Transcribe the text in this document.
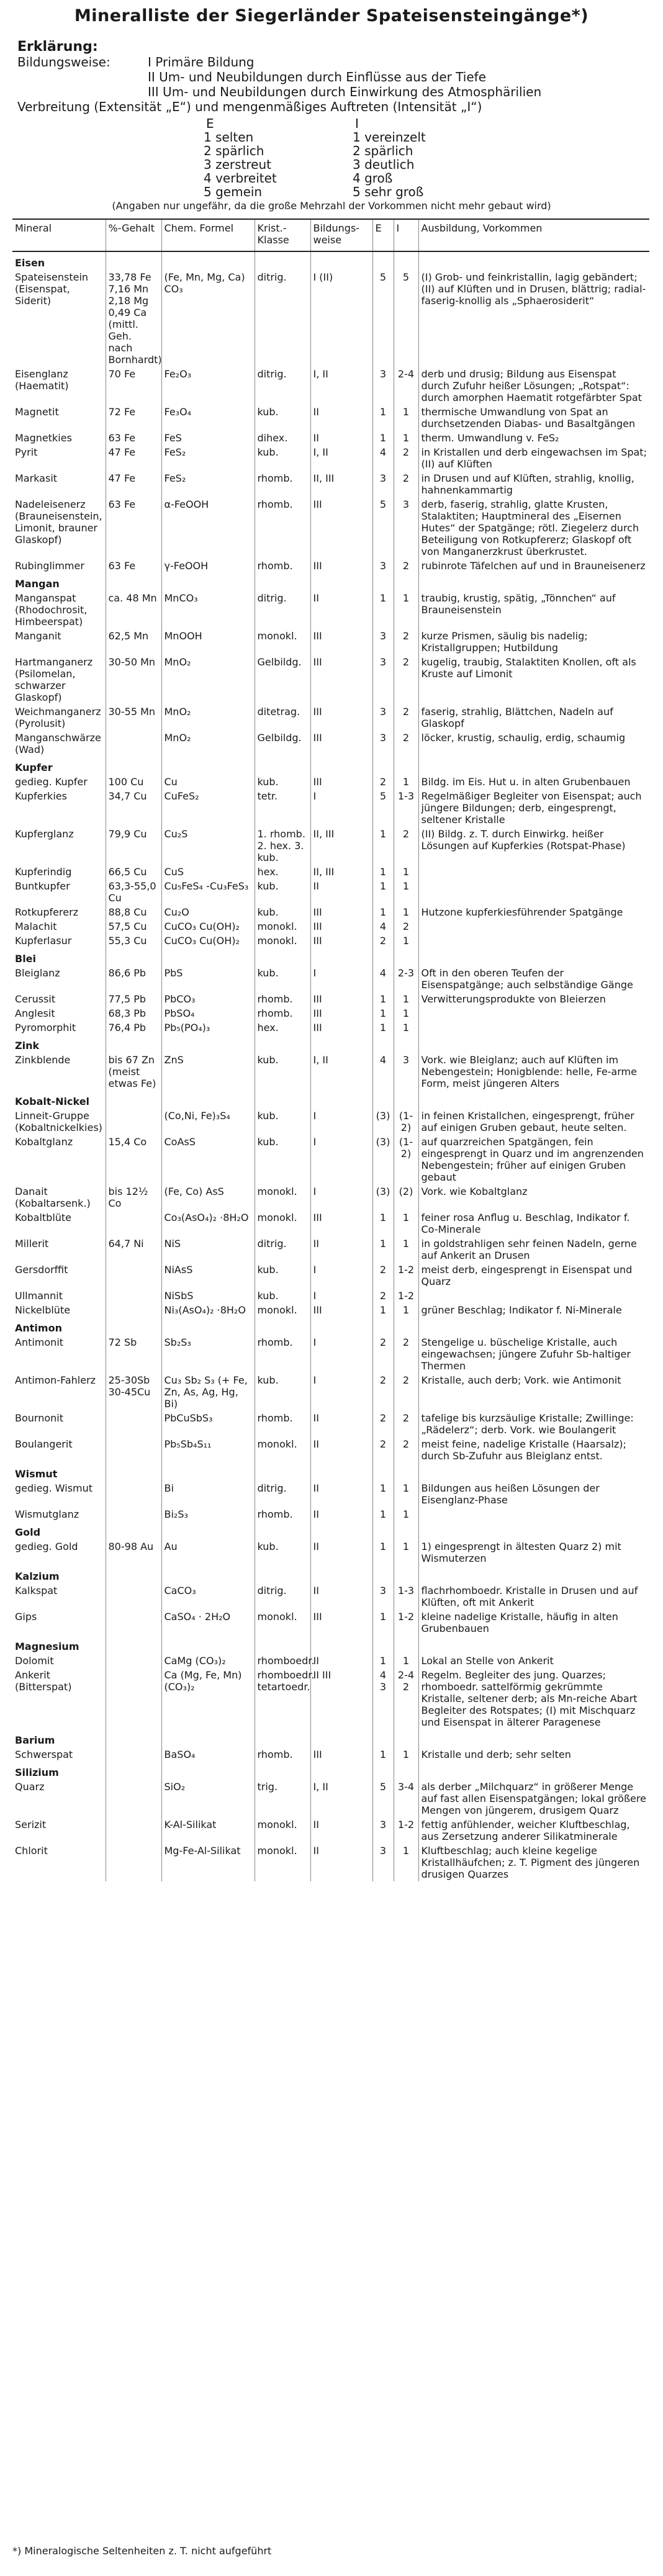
Mineralliste der Siegerländer Spateisensteingänge*)
Erklärung:
Bildungsweise:	I Primäre Bildung
II Um- und Neubildungen durch Einflüsse aus der Tiefe
III Um- und Neubildungen durch Einwirkung des Atmosphärilien
Verbreitung (Extensität „E“) und mengenmäßiges Auftreten (Intensität „I“)
E
1 selten
2 spärlich
3 zerstreut
4 verbreitet
5 gemein
I
1 vereinzelt
2 spärlich
3 deutlich
4 groß
5 sehr groß
(Angaben nur ungefähr, da die große Mehrzahl der Vorkommen nicht mehr gebaut wird)
Mineral	%-Gehalt	Chem. Formel	Krist.-Klasse	Bildungs-weise	E	I	Ausbildung, Vorkommen
Eisen							
Spateisenstein (Eisenspat, Siderit)	33,78 Fe 7,16 Mn 2,18 Mg 0,49 Ca (mittl. Geh. nach Bornhardt)	(Fe, Mn, Mg, Ca) CO₃	ditrig.	I (II)	5	5	(I) Grob- und feinkristallin, lagig gebändert; (II) auf Klüften und in Drusen, blättrig; radial-faserig-knollig als „Sphaerosiderit“
Eisenglanz (Haematit)	70 Fe	Fe₂O₃	ditrig.	I, II	3	2-4	derb und drusig; Bildung aus Eisenspat durch Zufuhr heißer Lösungen; „Rotspat“: durch amorphen Haematit rotgefärbter Spat
Magnetit	72 Fe	Fe₃O₄	kub.	II	1	1	thermische Umwandlung von Spat an durchsetzenden Diabas- und Basaltgängen
Magnetkies	63 Fe	FeS	dihex.	II	1	1	therm. Umwandlung v. FeS₂
Pyrit	47 Fe	FeS₂	kub.	I, II	4	2	in Kristallen und derb eingewachsen im Spat; (II) auf Klüften
Markasit	47 Fe	FeS₂	rhomb.	II, III	3	2	in Drusen und auf Klüften, strahlig, knollig, hahnenkammartig
Nadeleisenerz (Brauneisenstein, Limonit, brauner Glaskopf)	63 Fe	α-FeOOH	rhomb.	III	5	3	derb, faserig, strahlig, glatte Krusten, Stalaktiten; Hauptmineral des „Eisernen Hutes“ der Spatgänge; rötl. Ziegelerz durch Beteiligung von Rotkupfererz; Glaskopf oft von Manganerzkrust überkrustet.
Rubinglimmer	63 Fe	γ-FeOOH	rhomb.	III	3	2	rubinrote Täfelchen auf und in Brauneisenerz
Mangan							
Manganspat (Rhodochrosit, Himbeerspat)	ca. 48 Mn	MnCO₃	ditrig.	II	1	1	traubig, krustig, spätig, „Tönnchen“ auf Brauneisenstein
Manganit	62,5 Mn	MnOOH	monokl.	III	3	2	kurze Prismen, säulig bis nadelig; Kristallgruppen; Hutbildung
Hartmanganerz (Psilomelan, schwarzer Glaskopf)	30-50 Mn	MnO₂	Gelbildg.	III	3	2	kugelig, traubig, Stalaktiten Knollen, oft als Kruste auf Limonit
Weichmanganerz (Pyrolusit)	30-55 Mn	MnO₂	ditetrag.	III	3	2	faserig, strahlig, Blättchen, Nadeln auf Glaskopf
Manganschwärze (Wad)		MnO₂	Gelbildg.	III	3	2	löcker, krustig, schaulig, erdig, schaumig
Kupfer							
gedieg. Kupfer	100 Cu	Cu	kub.	III	2	1	Bildg. im Eis. Hut u. in alten Grubenbauen
Kupferkies	34,7 Cu	CuFeS₂	tetr.	I	5	1-3	Regelmäßiger Begleiter von Eisenspat; auch jüngere Bildungen; derb, eingesprengt, seltener Kristalle
Kupferglanz	79,9 Cu	Cu₂S	1. rhomb. 2. hex. 3. kub.	II, III	1	2	(II) Bildg. z. T. durch Einwirkg. heißer Lösungen auf Kupferkies (Rotspat-Phase)
Kupferindig	66,5 Cu	CuS	hex.	II, III	1	1	
Buntkupfer	63,3-55,0 Cu	Cu₅FeS₄ -Cu₃FeS₃	kub.	II	1	1	
Rotkupfererz	88,8 Cu	Cu₂O	kub.	III	1	1	Hutzone kupferkiesführender Spatgänge
Malachit	57,5 Cu	CuCO₃ Cu(OH)₂	monokl.	III	4	2	
Kupferlasur	55,3 Cu	CuCO₃ Cu(OH)₂	monokl.	III	2	1	
Blei							
Bleiglanz	86,6 Pb	PbS	kub.	I	4	2-3	Oft in den oberen Teufen der Eisenspatgänge; auch selbständige Gänge
Cerussit	77,5 Pb	PbCO₃	rhomb.	III	1	1	Verwitterungsprodukte von Bleierzen
Anglesit	68,3 Pb	PbSO₄	rhomb.	III	1	1	
Pyromorphit	76,4 Pb	Pb₅(PO₄)₃	hex.	III	1	1	
Zink							
Zinkblende	bis 67 Zn (meist etwas Fe)	ZnS	kub.	I, II	4	3	Vork. wie Bleiglanz; auch auf Klüften im Nebengestein; Honigblende: helle, Fe-arme Form, meist jüngeren Alters
Kobalt-Nickel							
Linneit-Gruppe (Kobaltnickelkies)		(Co,Ni, Fe)₃S₄	kub.	I	(3)	(1-2)	in feinen Kristallchen, eingesprengt, früher auf einigen Gruben gebaut, heute selten.
Kobaltglanz	15,4 Co	CoAsS	kub.	I	(3)	(1-2)	auf quarzreichen Spatgängen, fein eingesprengt in Quarz und im angrenzenden Nebengestein; früher auf einigen Gruben gebaut
Danait (Kobaltarsenk.)	bis 12½ Co	(Fe, Co) AsS	monokl.	I	(3)	(2)	Vork. wie Kobaltglanz
Kobaltblüte		Co₃(AsO₄)₂ ·8H₂O	monokl.	III	1	1	feiner rosa Anflug u. Beschlag, Indikator f. Co-Minerale
Millerit	64,7 Ni	NiS	ditrig.	II	1	1	in goldstrahligen sehr feinen Nadeln, gerne auf Ankerit an Drusen
Gersdorffit		NiAsS	kub.	I	2	1-2	meist derb, eingesprengt in Eisenspat und Quarz
Ullmannit		NiSbS	kub.	I	2	1-2	
Nickelblüte		Ni₃(AsO₄)₂ ·8H₂O	monokl.	III	1	1	grüner Beschlag; Indikator f. Ni-Minerale
Antimon							
Antimonit	72 Sb	Sb₂S₃	rhomb.	I	2	2	Stengelige u. büschelige Kristalle, auch eingewachsen; jüngere Zufuhr Sb-haltiger Thermen
Antimon-Fahlerz	25-30Sb 30-45Cu	Cu₃ Sb₂ S₃ (+ Fe, Zn, As, Ag, Hg, Bi)	kub.	I	2	2	Kristalle, auch derb; Vork. wie Antimonit
Bournonit		PbCuSbS₃	rhomb.	II	2	2	tafelige bis kurzsäulige Kristalle; Zwillinge: „Rädelerz“; derb. Vork. wie Boulangerit
Boulangerit		Pb₅Sb₄S₁₁	monokl.	II	2	2	meist feine, nadelige Kristalle (Haarsalz); durch Sb-Zufuhr aus Bleiglanz entst.
Wismut							
gedieg. Wismut		Bi	ditrig.	II	1	1	Bildungen aus heißen Lösungen der Eisenglanz-Phase
Wismutglanz		Bi₂S₃	rhomb.	II	1	1	
Gold							
gedieg. Gold	80-98 Au	Au	kub.	II	1	1	1) eingesprengt in ältesten Quarz 2) mit Wismuterzen
Kalzium							
Kalkspat		CaCO₃	ditrig.	II	3	1-3	flachrhomboedr. Kristalle in Drusen und auf Klüften, oft mit Ankerit
Gips		CaSO₄ · 2H₂O	monokl.	III	1	1-2	kleine nadelige Kristalle, häufig in alten Grubenbauen
Magnesium							
Dolomit		CaMg (CO₃)₂	rhomboedr.	II	1	1	Lokal an Stelle von Ankerit
Ankerit (Bitterspat)		Ca (Mg, Fe, Mn) (CO₃)₂	rhomboedr. tetartoedr.	II III	4 3	2-4 2	Regelm. Begleiter des jung. Quarzes; rhomboedr. sattelförmig gekrümmte Kristalle, seltener derb; als Mn-reiche Abart Begleiter des Rotspates; (I) mit Mischquarz und Eisenspat in älterer Paragenese
Barium							
Schwerspat		BaSO₄	rhomb.	III	1	1	Kristalle und derb; sehr selten
Silizium							
Quarz		SiO₂	trig.	I, II	5	3-4	als derber „Milchquarz“ in größerer Menge auf fast allen Eisenspatgängen; lokal größere Mengen von jüngerem, drusigem Quarz
Serizit		K-Al-Silikat	monokl.	II	3	1-2	fettig anfühlender, weicher Kluftbeschlag, aus Zersetzung anderer Silikatminerale
Chlorit		Mg-Fe-Al-Silikat	monokl.	II	3	1	Kluftbeschlag; auch kleine kegelige Kristallhäufchen; z. T. Pigment des jüngeren drusigen Quarzes
*) Mineralogische Seltenheiten z. T. nicht aufgeführt
